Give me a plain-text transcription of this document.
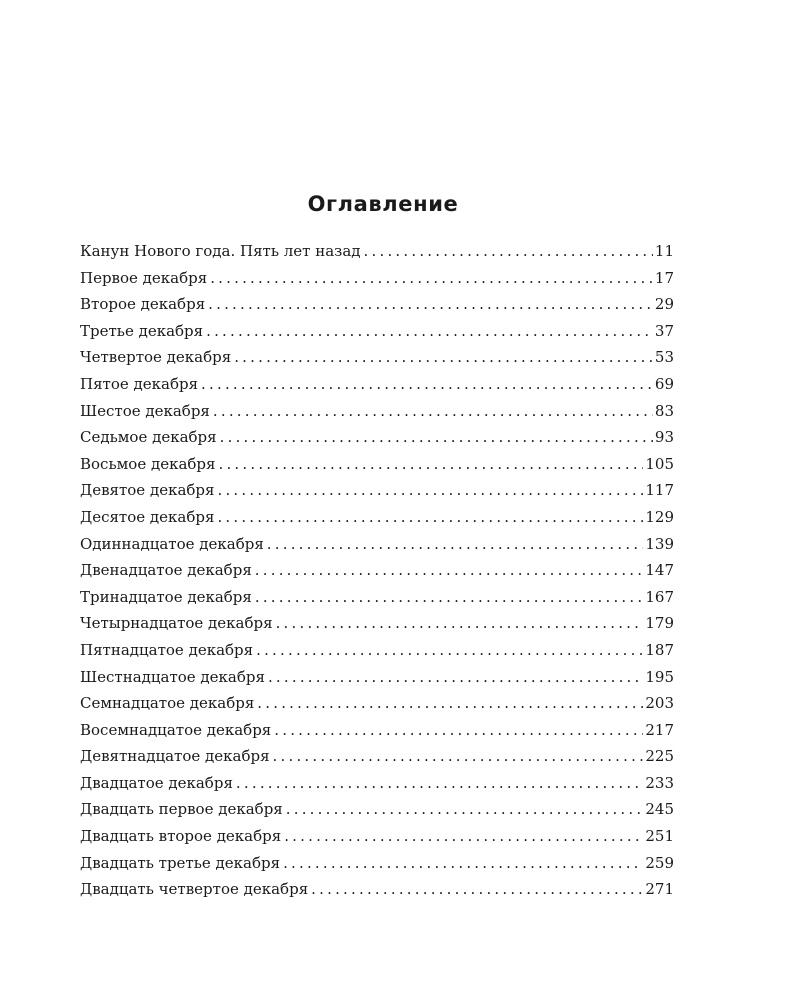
Оглавление
Канун Нового года. Пять лет назад .....	11
Первое декабря .....	17
Второе декабря .....	29
Третье декабря .....	37
Четвертое декабря .....	53
Пятое декабря .....	69
Шестое декабря .....	83
Седьмое декабря .....	93
Восьмое декабря .....	105
Девятое декабря .....	117
Десятое декабря .....	129
Одиннадцатое декабря .....	139
Двенадцатое декабря .....	147
Тринадцатое декабря .....	167
Четырнадцатое декабря .....	179
Пятнадцатое декабря .....	187
Шестнадцатое декабря .....	195
Семнадцатое декабря .....	203
Восемнадцатое декабря .....	217
Девятнадцатое декабря .....	225
Двадцатое декабря .....	233
Двадцать первое декабря .....	245
Двадцать второе декабря .....	251
Двадцать третье декабря .....	259
Двадцать четвертое декабря .....	271
